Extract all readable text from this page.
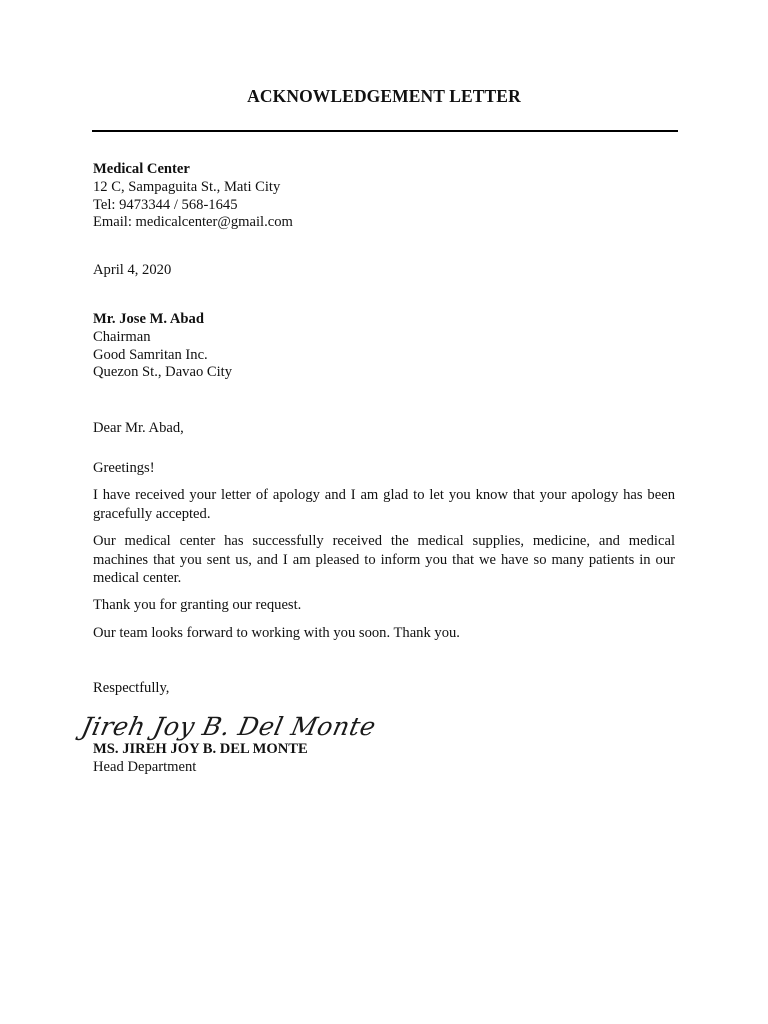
ACKNOWLEDGEMENT LETTER
Medical Center
12 C, Sampaguita St., Mati City
Tel: 9473344 / 568-1645
Email: medicalcenter@gmail.com
April 4, 2020
Mr. Jose M. Abad
Chairman
Good Samritan Inc.
Quezon St., Davao City
Dear Mr. Abad,

Greetings!

I have received your letter of apology and I am glad to let you know that your apology has been gracefully accepted.

Our medical center has successfully received the medical supplies, medicine, and medical machines that you sent us, and I am pleased to inform you that we have so many patients in our medical center.

Thank you for granting our request.

Our team looks forward to working with you soon. Thank you.

Respectfully,
Jireh Joy B. Del Monte
MS. JIREH JOY B. DEL MONTE
Head Department
